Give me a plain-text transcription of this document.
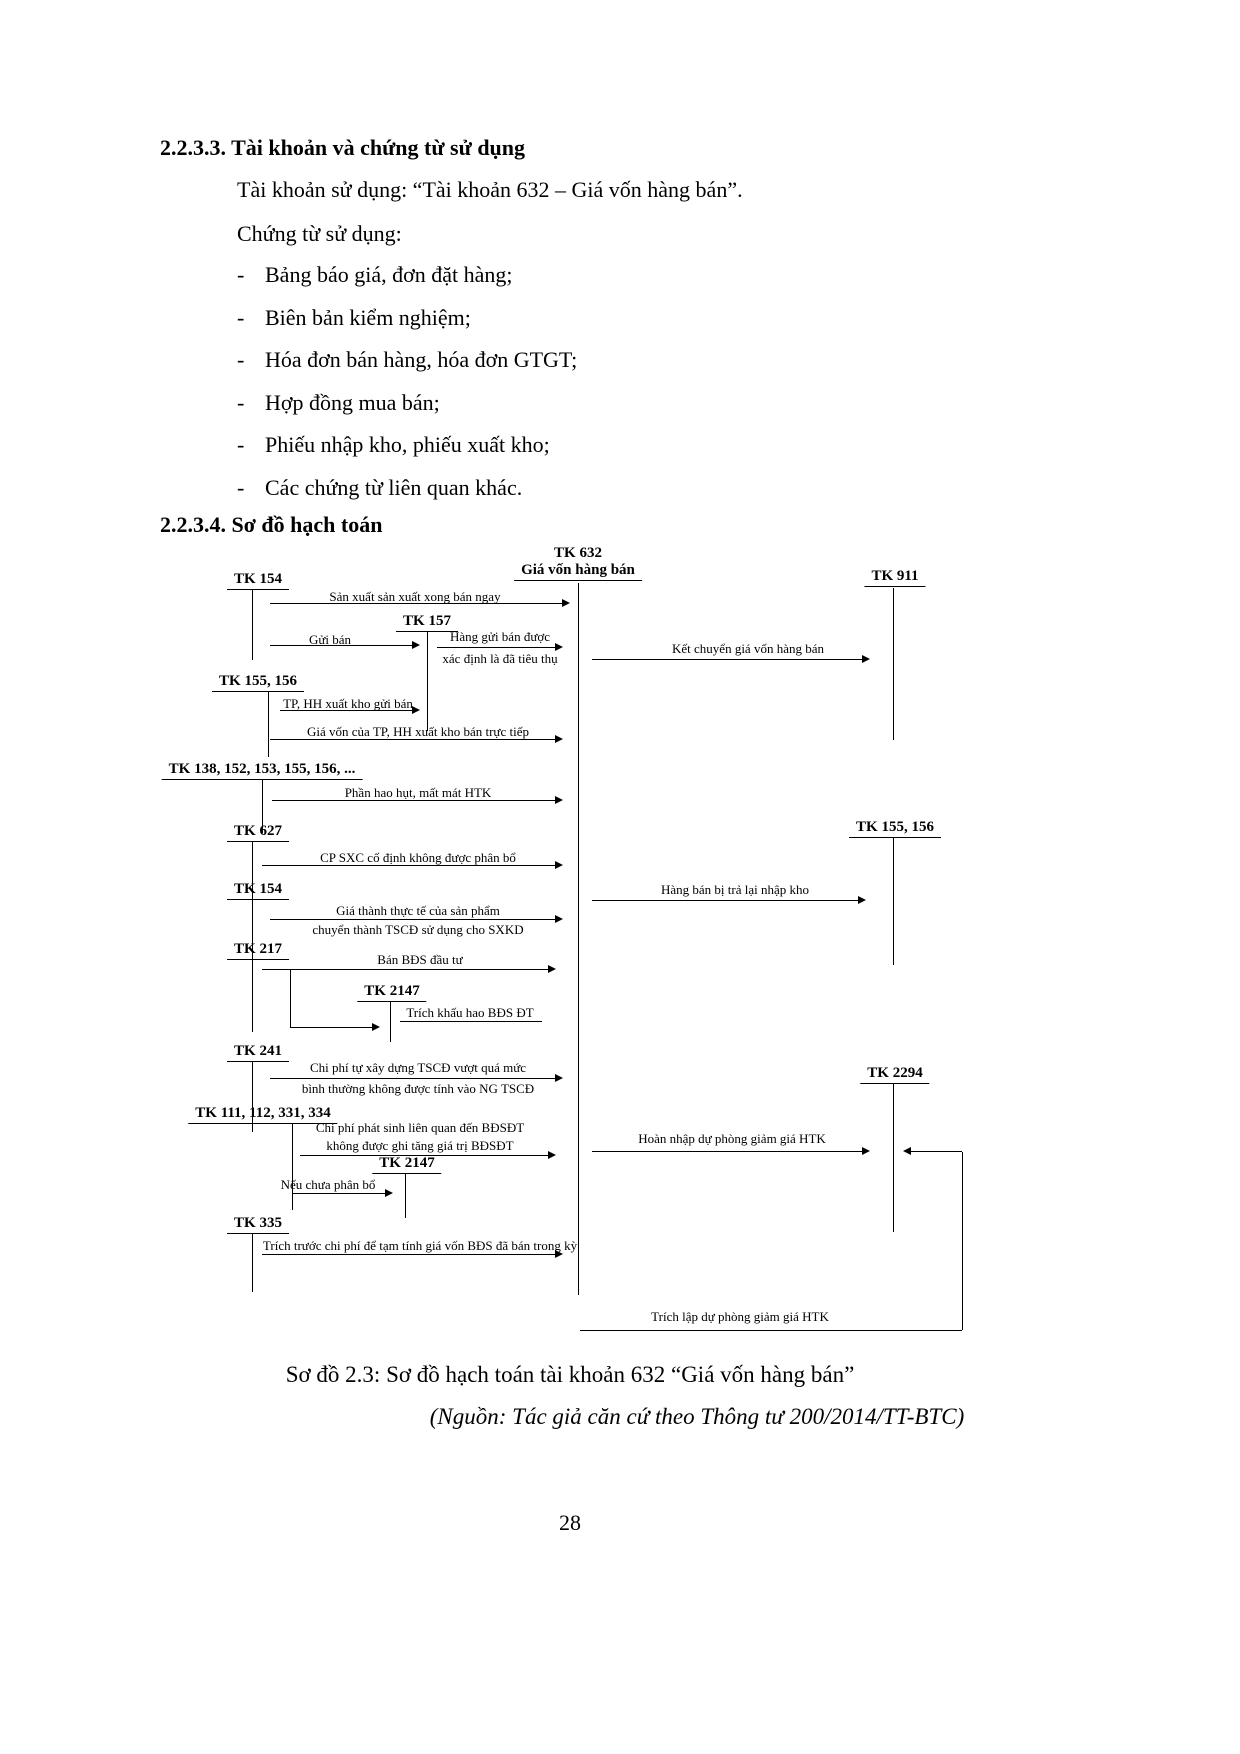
2.2.3.3. Tài khoản và chứng từ sử dụng
Tài khoản sử dụng: “Tài khoản 632 – Giá vốn hàng bán”.
Chứng từ sử dụng:
- Bảng báo giá, đơn đặt hàng;
- Biên bản kiểm nghiệm;
- Hóa đơn bán hàng, hóa đơn GTGT;
- Hợp đồng mua bán;
- Phiếu nhập kho, phiếu xuất kho;
- Các chứng từ liên quan khác.
2.2.3.4. Sơ đồ hạch toán
TK 632
Giá vốn hàng bán	TK 911
TK 154
TK 157
TK 155, 156
TK 138, 152, 153, 155, 156, ...
TK 627
TK 154
TK 217
TK 2147
TK 241
TK 111, 112, 331, 334
TK 2147
TK 335
TK 155, 156
TK 2294
Sản xuất sản xuất xong bán ngay
Gửi bán	Hàng gửi bán được
xác định là đã tiêu thụ
Kết chuyển giá vốn hàng bán
TP, HH xuất kho gửi bán
Giá vốn của TP, HH xuất kho bán trực tiếp
Phần hao hụt, mất mát HTK
CP SXC cố định không được phân bổ
Hàng bán bị trả lại nhập kho
Giá thành thực tế của sản phẩm
chuyển thành TSCĐ sử dụng cho SXKD
Bán BĐS đầu tư
Trích khấu hao BĐS ĐT
Chi phí tự xây dựng TSCĐ vượt quá mức
bình thường không được tính vào NG TSCĐ
Chi phí phát sinh liên quan đến BĐSĐT
không được ghi tăng giá trị BĐSĐT	Hoàn nhập dự phòng giảm giá HTK
Nếu chưa phân bổ
Trích trước chi phí để tạm tính giá vốn BĐS đã bán trong kỳ
Trích lập dự phòng giảm giá HTK
Sơ đồ 2.3: Sơ đồ hạch toán tài khoản 632 “Giá vốn hàng bán”
(Nguồn: Tác giả căn cứ theo Thông tư 200/2014/TT-BTC)
28
